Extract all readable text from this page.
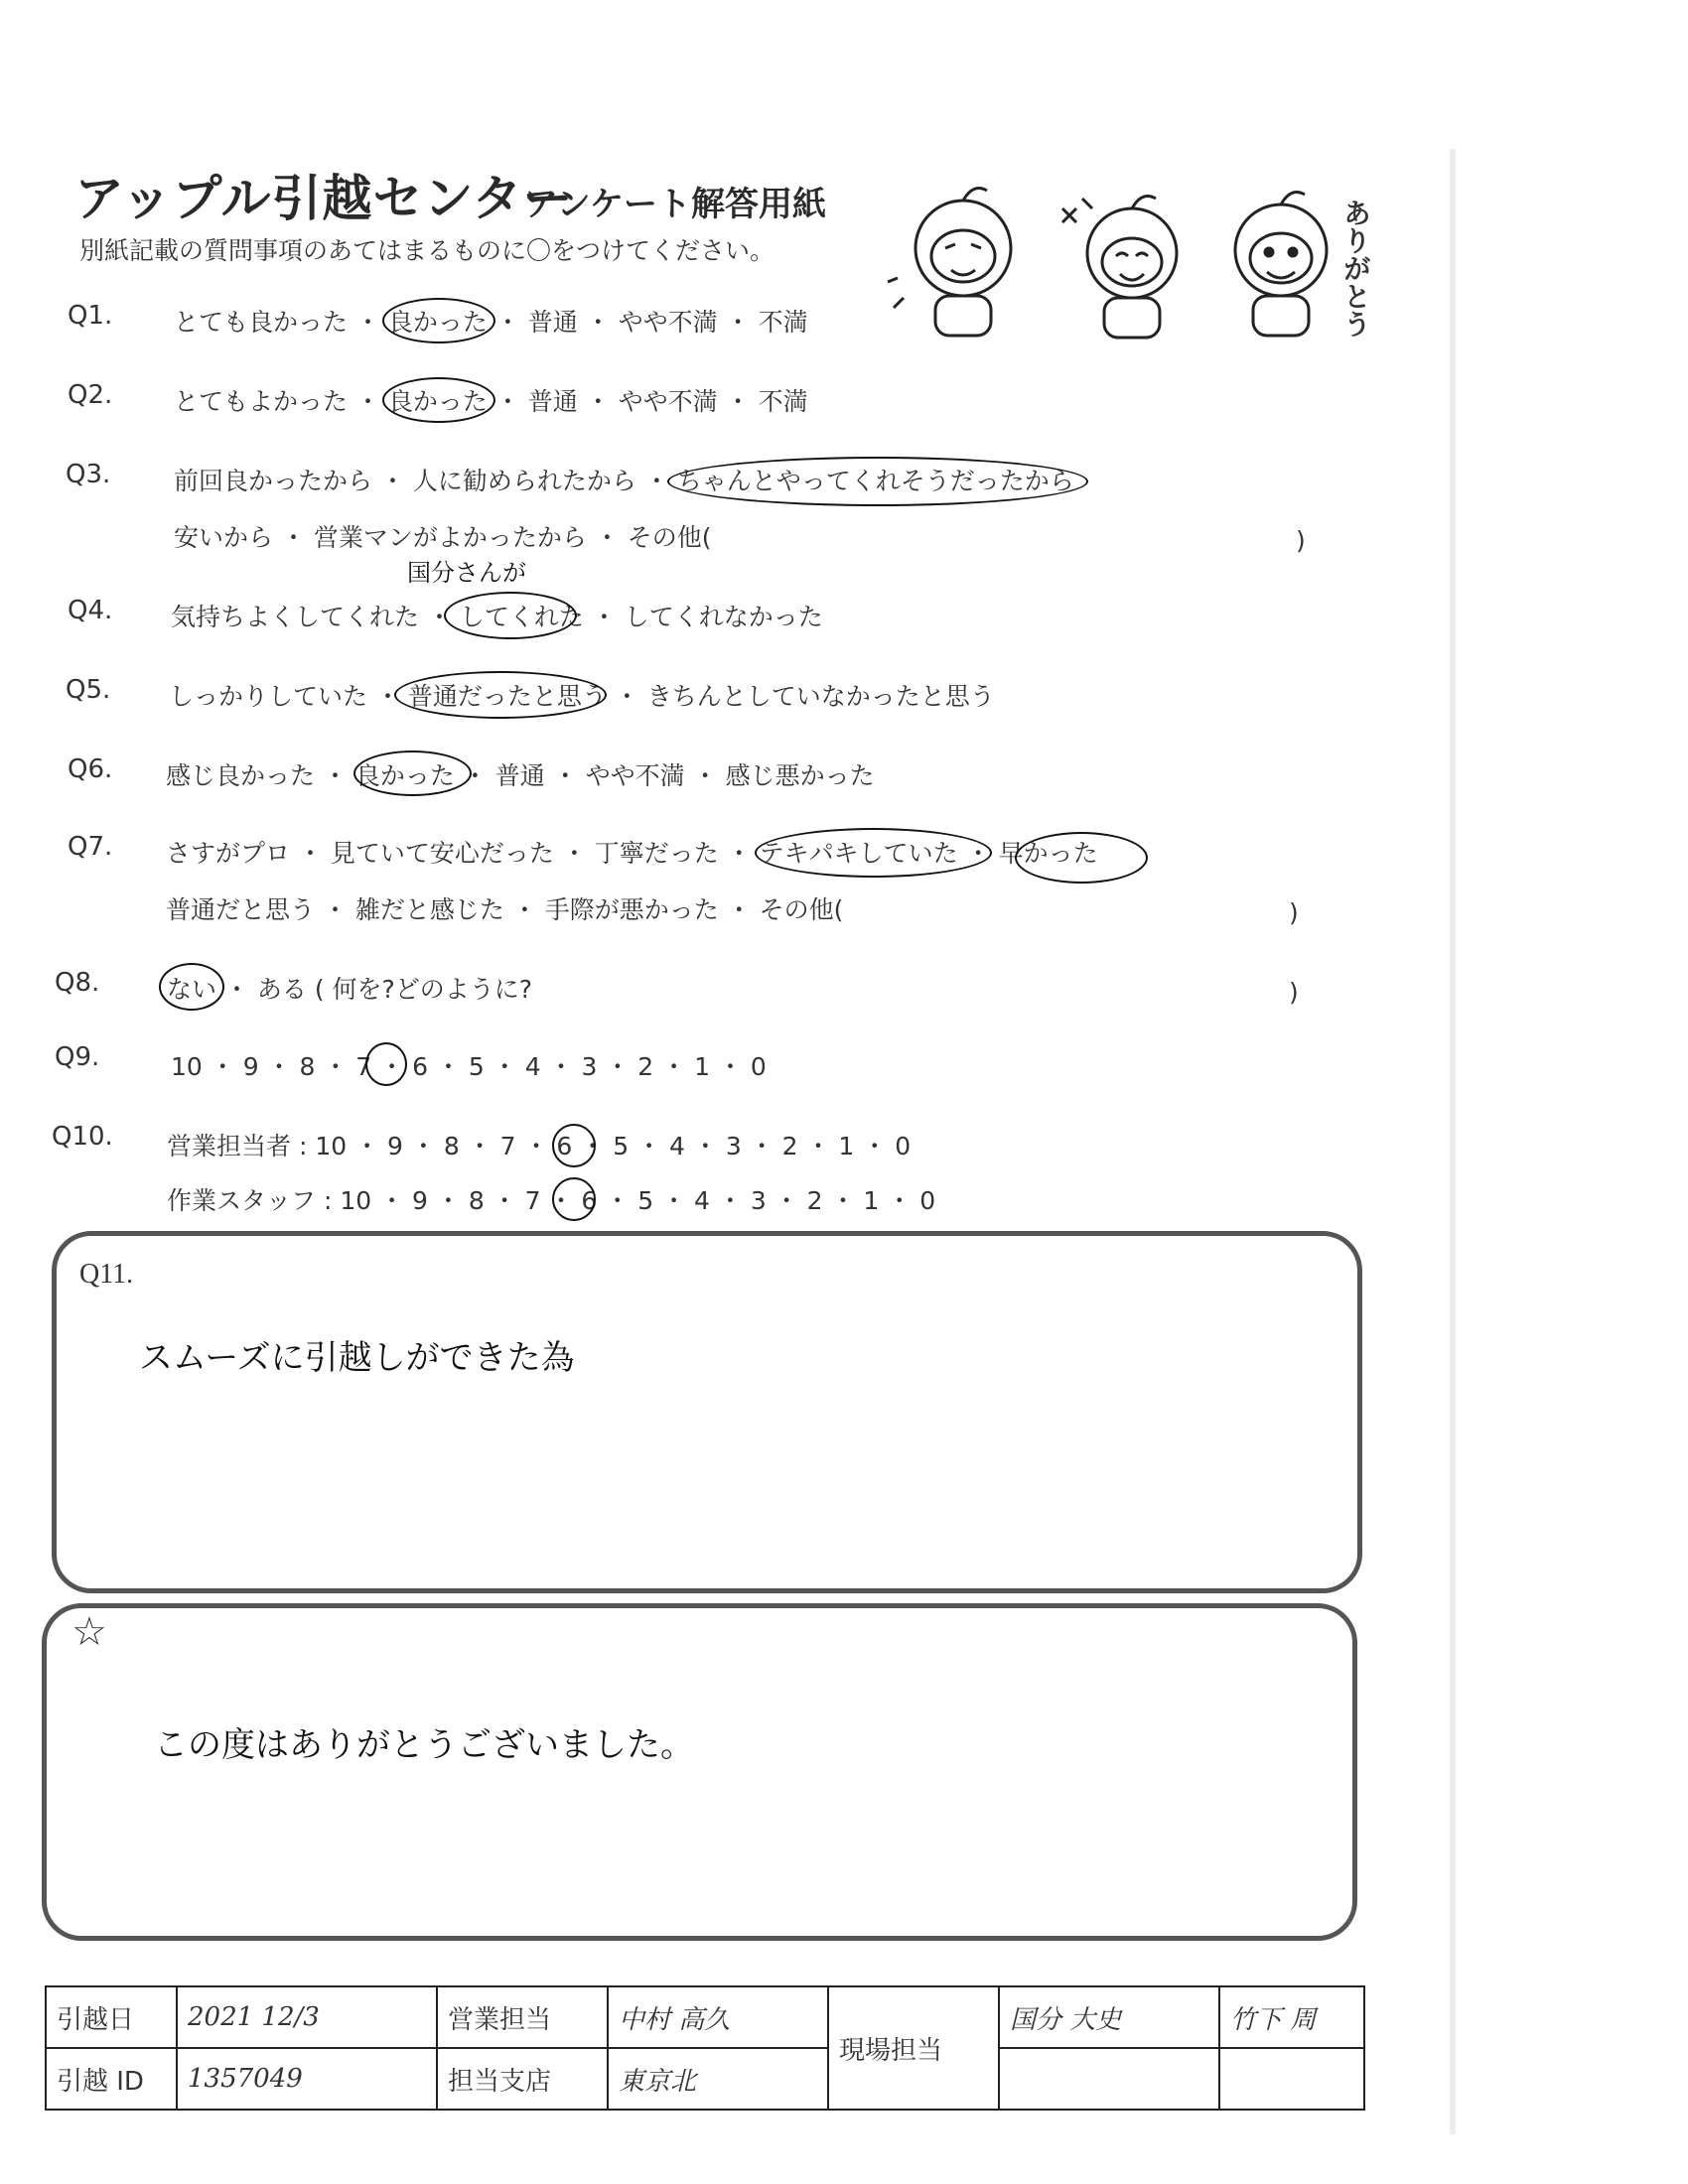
アップル引越センター
アンケート解答用紙
別紙記載の質問事項のあてはまるものに〇をつけてください。	ありがとう
Q1. とても良かった ・ 良かった ・ 普通 ・ やや不満 ・ 不満
Q2. とてもよかった ・ 良かった ・ 普通 ・ やや不満 ・ 不満
Q3.	前回良かったから ・ 人に勧められたから ・ ちゃんとやってくれそうだったから
安いから ・ 営業マンがよかったから ・ その他(	)
国分さんが
Q4. 気持ちよくしてくれた ・ してくれた ・ してくれなかった
Q5. しっかりしていた ・ 普通だったと思う ・ きちんとしていなかったと思う
Q6. 感じ良かった ・ 良かった ・ 普通 ・ やや不満 ・ 感じ悪かった
Q7. さすがプロ ・ 見ていて安心だった ・ 丁寧だった ・ テキパキしていた ・ 早かった
普通だと思う ・ 雑だと感じた ・ 手際が悪かった ・ その他(	)
Q8.	ない ・ ある ( 何を?どのように?	)
Q9.	10 ・ 9 ・ 8 ・ 7 ・ 6 ・ 5 ・ 4 ・ 3 ・ 2 ・ 1 ・ 0
Q10. 営業担当者 : 10 ・ 9 ・ 8 ・ 7 ・ 6 ・ 5 ・ 4 ・ 3 ・ 2 ・ 1 ・ 0
作業スタッフ : 10 ・ 9 ・ 8 ・ 7 ・ 6 ・ 5 ・ 4 ・ 3 ・ 2 ・ 1 ・ 0
Q11.
スムーズに引越しができた為
☆
この度はありがとうございました。
引越日	2021 12/3	営業担当	中村 高久	現場担当	国分 大史	竹下 周
引越 ID	1357049	担当支店	東京北			
